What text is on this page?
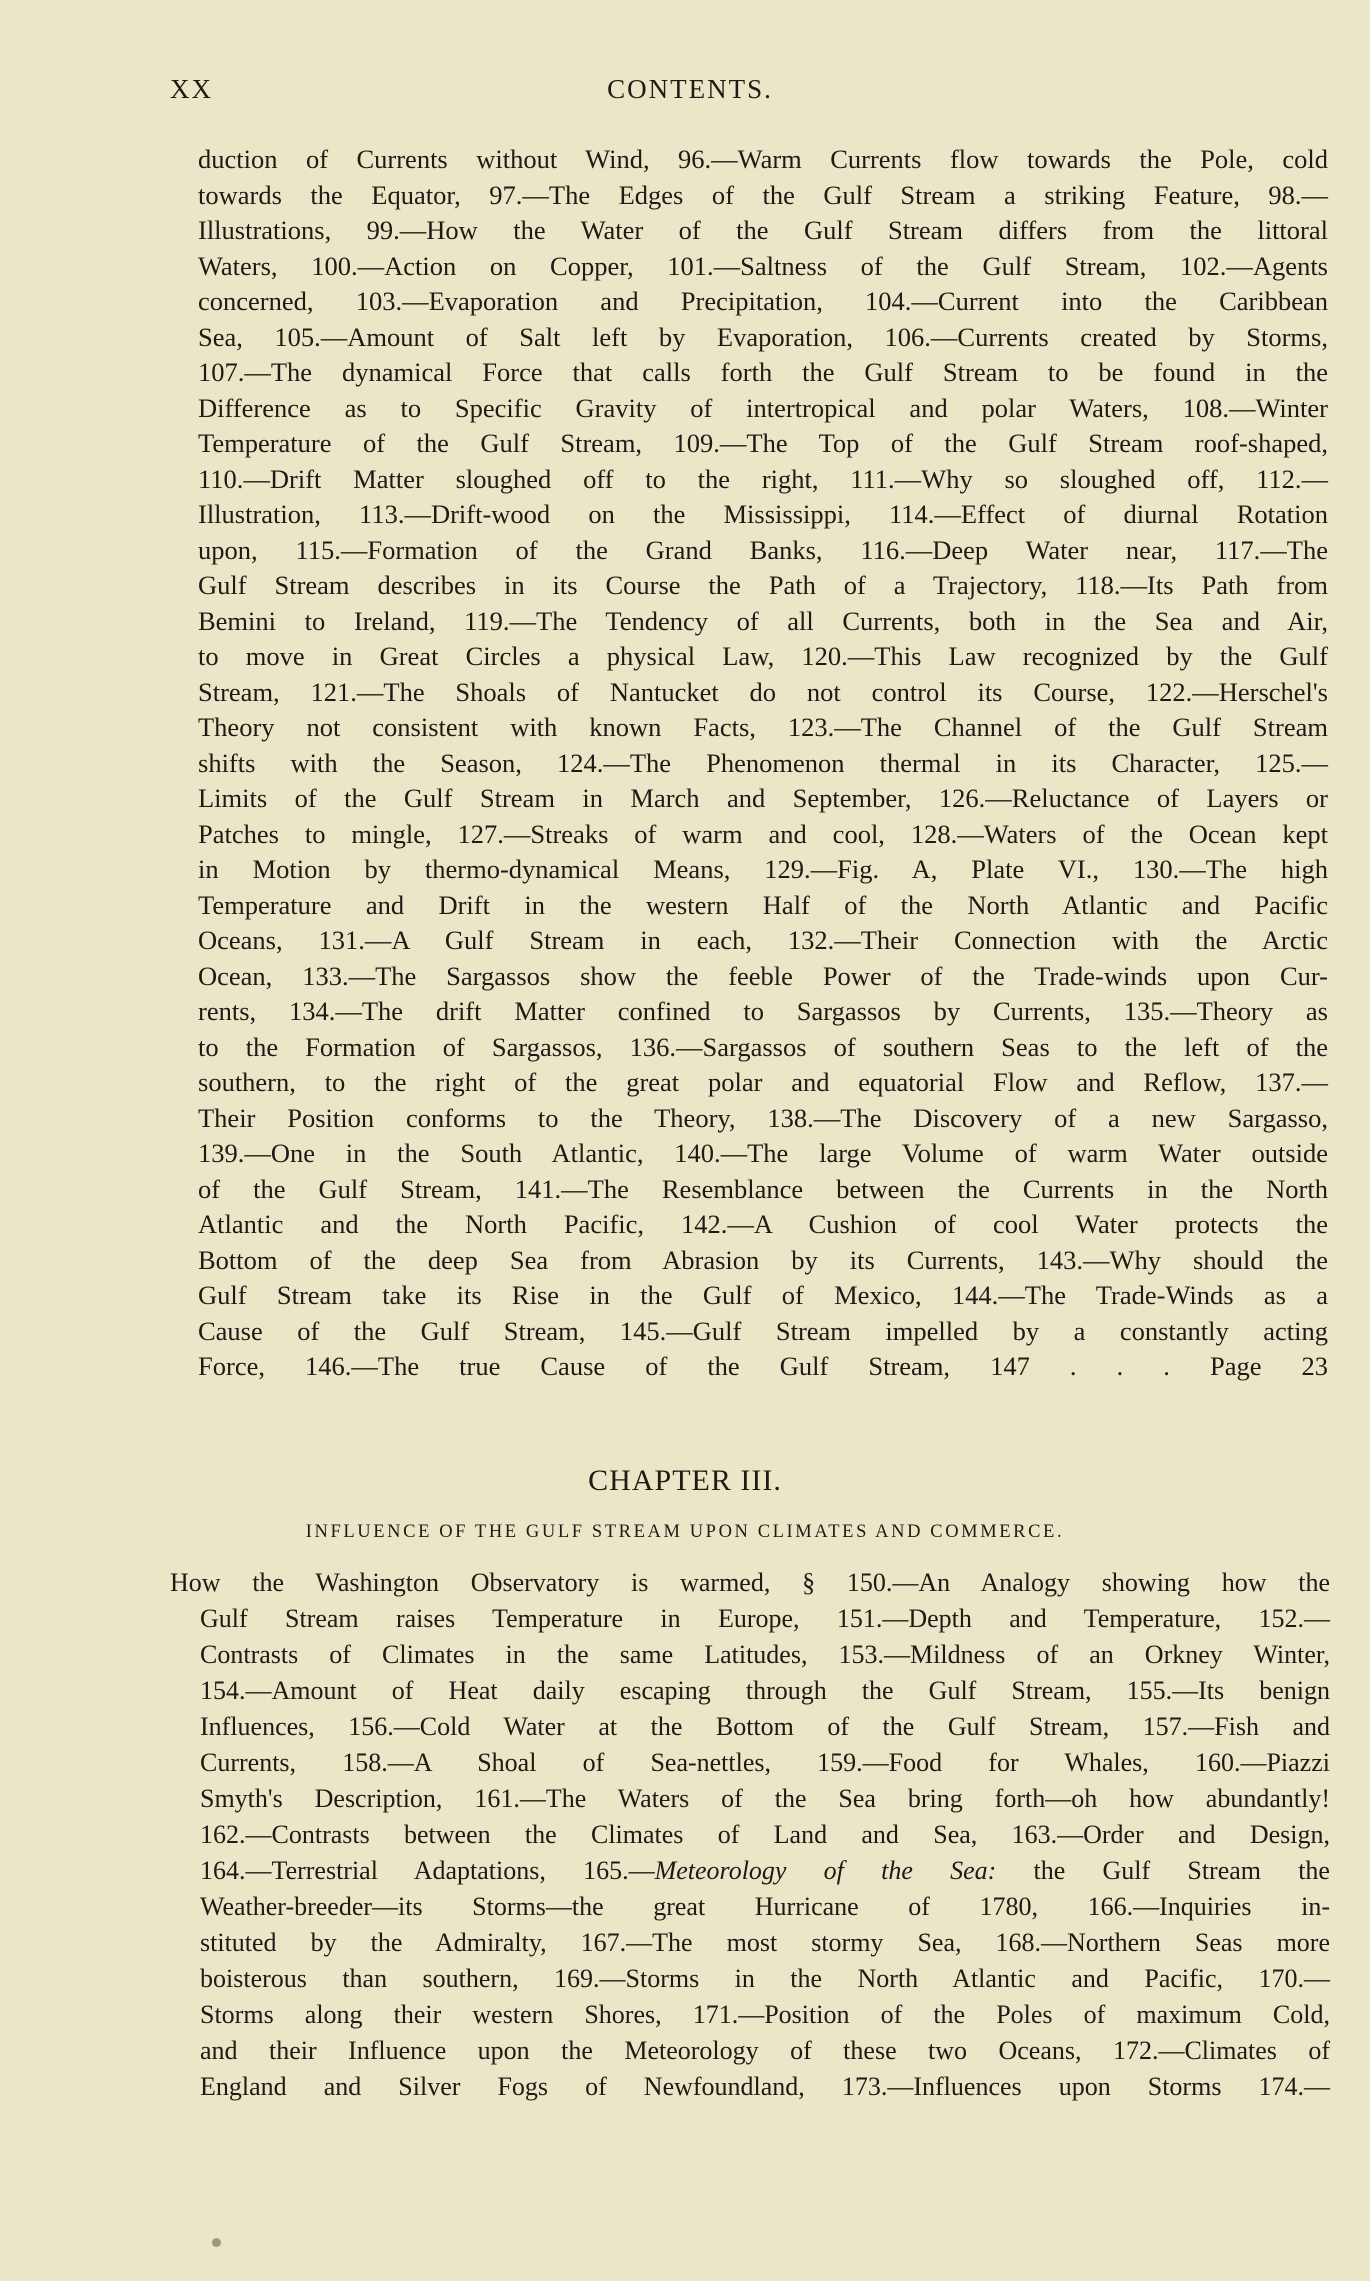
XX	CONTENTS.
duction of Currents without Wind, 96.—Warm Currents flow towards the Pole, cold
towards the Equator, 97.—The Edges of the Gulf Stream a striking Feature, 98.—
Illustrations, 99.—How the Water of the Gulf Stream differs from the littoral
Waters, 100.—Action on Copper, 101.—Saltness of the Gulf Stream, 102.—Agents
concerned, 103.—Evaporation and Precipitation, 104.—Current into the Caribbean
Sea, 105.—Amount of Salt left by Evaporation, 106.—Currents created by Storms,
107.—The dynamical Force that calls forth the Gulf Stream to be found in the
Difference as to Specific Gravity of intertropical and polar Waters, 108.—Winter
Temperature of the Gulf Stream, 109.—The Top of the Gulf Stream roof-shaped,
110.—Drift Matter sloughed off to the right, 111.—Why so sloughed off, 112.—
Illustration, 113.—Drift-wood on the Mississippi, 114.—Effect of diurnal Rotation
upon, 115.—Formation of the Grand Banks, 116.—Deep Water near, 117.—The
Gulf Stream describes in its Course the Path of a Trajectory, 118.—Its Path from
Bemini to Ireland, 119.—The Tendency of all Currents, both in the Sea and Air,
to move in Great Circles a physical Law, 120.—This Law recognized by the Gulf
Stream, 121.—The Shoals of Nantucket do not control its Course, 122.—Herschel's
Theory not consistent with known Facts, 123.—The Channel of the Gulf Stream
shifts with the Season, 124.—The Phenomenon thermal in its Character, 125.—
Limits of the Gulf Stream in March and September, 126.—Reluctance of Layers or
Patches to mingle, 127.—Streaks of warm and cool, 128.—Waters of the Ocean kept
in Motion by thermo-dynamical Means, 129.—Fig. A, Plate VI., 130.—The high
Temperature and Drift in the western Half of the North Atlantic and Pacific
Oceans, 131.—A Gulf Stream in each, 132.—Their Connection with the Arctic
Ocean, 133.—The Sargassos show the feeble Power of the Trade-winds upon Cur-
rents, 134.—The drift Matter confined to Sargassos by Currents, 135.—Theory as
to the Formation of Sargassos, 136.—Sargassos of southern Seas to the left of the
southern, to the right of the great polar and equatorial Flow and Reflow, 137.—
Their Position conforms to the Theory, 138.—The Discovery of a new Sargasso,
139.—One in the South Atlantic, 140.—The large Volume of warm Water outside
of the Gulf Stream, 141.—The Resemblance between the Currents in the North
Atlantic and the North Pacific, 142.—A Cushion of cool Water protects the
Bottom of the deep Sea from Abrasion by its Currents, 143.—Why should the
Gulf Stream take its Rise in the Gulf of Mexico, 144.—The Trade-Winds as a
Cause of the Gulf Stream, 145.—Gulf Stream impelled by a constantly acting
Force, 146.—The true Cause of the Gulf Stream, 147 . . . Page 23
CHAPTER III.
INFLUENCE OF THE GULF STREAM UPON CLIMATES AND COMMERCE.
How the Washington Observatory is warmed, § 150.—An Analogy showing how the
Gulf Stream raises Temperature in Europe, 151.—Depth and Temperature, 152.—
Contrasts of Climates in the same Latitudes, 153.—Mildness of an Orkney Winter,
154.—Amount of Heat daily escaping through the Gulf Stream, 155.—Its benign
Influences, 156.—Cold Water at the Bottom of the Gulf Stream, 157.—Fish and
Currents, 158.—A Shoal of Sea-nettles, 159.—Food for Whales, 160.—Piazzi
Smyth's Description, 161.—The Waters of the Sea bring forth—oh how abundantly!
162.—Contrasts between the Climates of Land and Sea, 163.—Order and Design,
164.—Terrestrial Adaptations, 165.—Meteorology of the Sea: the Gulf Stream the
Weather-breeder—its Storms—the great Hurricane of 1780, 166.—Inquiries in-
stituted by the Admiralty, 167.—The most stormy Sea, 168.—Northern Seas more
boisterous than southern, 169.—Storms in the North Atlantic and Pacific, 170.—
Storms along their western Shores, 171.—Position of the Poles of maximum Cold,
and their Influence upon the Meteorology of these two Oceans, 172.—Climates of
England and Silver Fogs of Newfoundland, 173.—Influences upon Storms 174.—
